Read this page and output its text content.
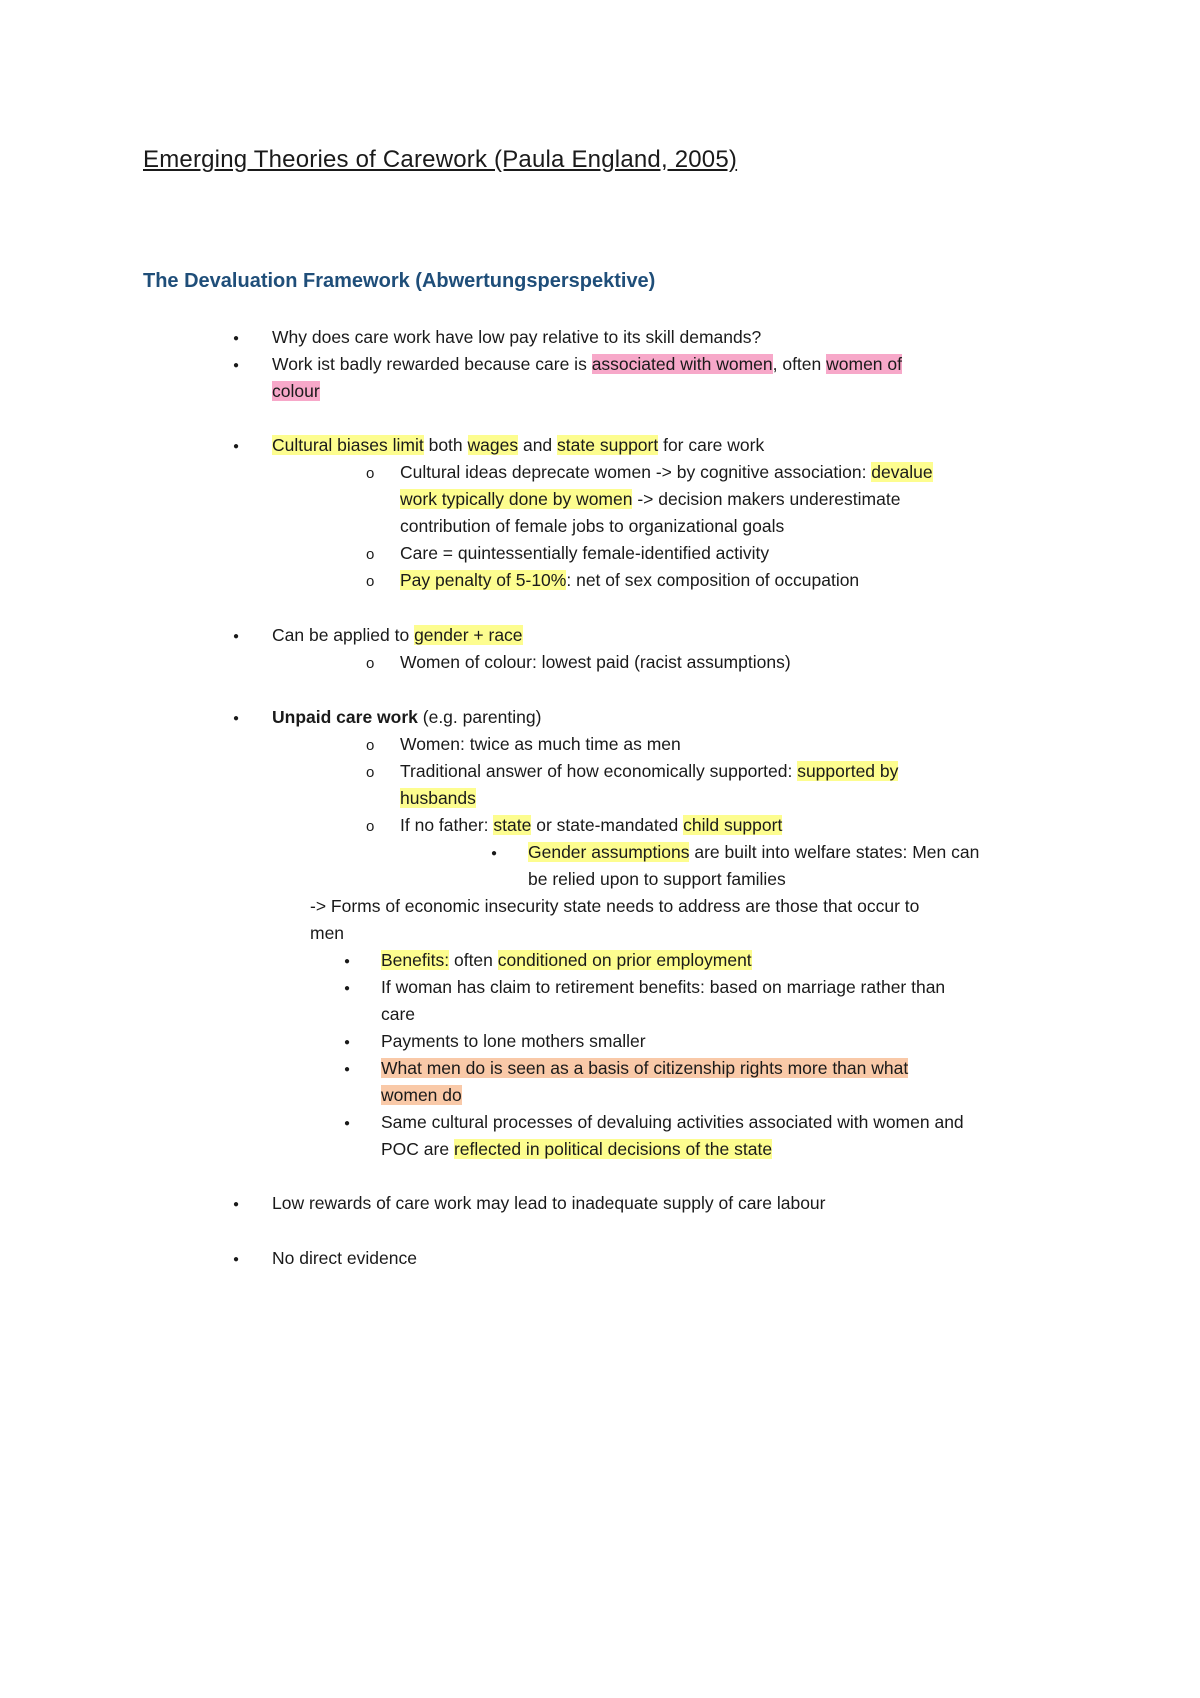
Emerging Theories of Carework (Paula England, 2005)
The Devaluation Framework (Abwertungsperspektive)
●
Why does care work have low pay relative to its skill demands?
●
Work ist badly rewarded because care is associated with women, often women of
colour
●
Cultural biases limit both wages and state support for care work
o
Cultural ideas deprecate women -> by cognitive association: devalue
work typically done by women -> decision makers underestimate
contribution of female jobs to organizational goals
o
Care = quintessentially female-identified activity
o
Pay penalty of 5-10%: net of sex composition of occupation
●
Can be applied to gender + race
o
Women of colour: lowest paid (racist assumptions)
●
Unpaid care work (e.g. parenting)
o
Women: twice as much time as men
o
Traditional answer of how economically supported: supported by
husbands
o
If no father: state or state-mandated child support
●
Gender assumptions are built into welfare states: Men can
be relied upon to support families
-> Forms of economic insecurity state needs to address are those that occur to
men
●
Benefits: often conditioned on prior employment
●
If woman has claim to retirement benefits: based on marriage rather than
care
●
Payments to lone mothers smaller
●
What men do is seen as a basis of citizenship rights more than what
women do
●
Same cultural processes of devaluing activities associated with women and
POC are reflected in political decisions of the state
●
Low rewards of care work may lead to inadequate supply of care labour
●
No direct evidence
